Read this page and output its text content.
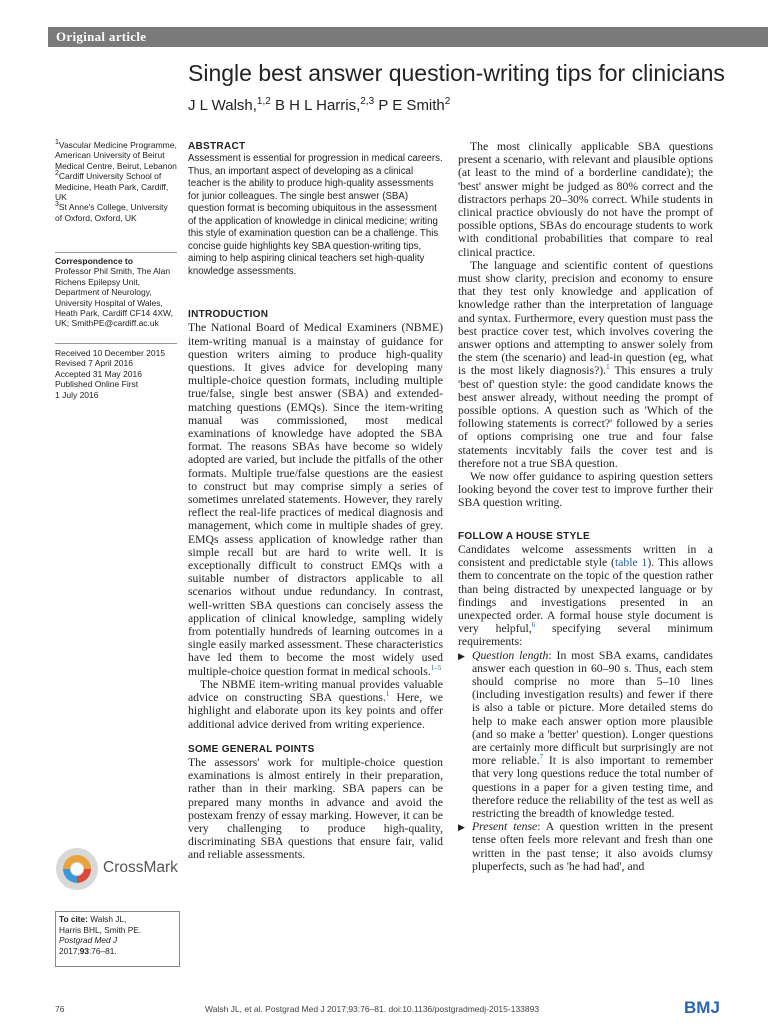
Original article
Single best answer question-writing tips for clinicians
J L Walsh,$^{1,2}$ B H L Harris,$^{2,3}$ P E Smith$^2$

$^1$Vascular Medicine Programme, American University of Beirut Medical Centre, Beirut, Lebanon

$^2$Cardiff University School of Medicine, Heath Park, Cardiff, UK

$^3$St Anne's College, University of Oxford, Oxford, UK

Correspondence to

Professor Phil Smith, The Alan Richens Epilepsy Unit, Department of Neurology, University Hospital of Wales, Heath Park, Cardiff CF14 4XW, UK; SmithPE@cardiff.ac.uk

Received 10 December 2015

Revised 7 April 2016

Accepted 31 May 2016

Published Online First

1 July 2016

CrossMark

To cite: Walsh JL,

Harris BHL, Smith PE.

Postgrad Med J

2017;93:76–81.

ABSTRACT

Assessment is essential for progression in medical careers. Thus, an important aspect of developing as a clinical teacher is the ability to produce high-quality assessments for junior colleagues. The single best answer (SBA) question format is becoming ubiquitous in the assessment of the application of knowledge in clinical medicine; writing this style of examination question can be a challenge. This concise guide highlights key SBA question-writing tips, aiming to help aspiring clinical teachers set high-quality knowledge assessments.

INTRODUCTION

The National Board of Medical Examiners (NBME) item-writing manual is a mainstay of guidance for question writers aiming to produce high-quality questions. It gives advice for developing many multiple-choice question formats, including multiple true/false, single best answer (SBA) and extended-matching questions (EMQs). Since the item-writing manual was commissioned, most medical examinations of knowledge have adopted the SBA format. The reasons SBAs have become so widely adopted are varied, but include the pitfalls of the other formats. Multiple true/false questions are the easiest to construct but may comprise simply a series of sometimes unrelated statements. However, they rarely reflect the real-life practices of medical diagnosis and management, which come in multiple shades of grey. EMQs assess application of knowledge rather than simple recall but are hard to write well. It is exceptionally difficult to construct EMQs with a suitable number of distractors applicable to all scenarios without undue redundancy. In contrast, well-written SBA questions can concisely assess the application of clinical knowledge, sampling widely from potentially hundreds of learning outcomes in a single easily marked assessment. These characteristics have led them to become the most widely used multiple-choice question format in medical schools.$^{1-5}$

The NBME item-writing manual provides valuable advice on constructing SBA questions.$^1$ Here, we highlight and elaborate upon its key points and offer additional advice derived from writing experience.

SOME GENERAL POINTS

The assessors' work for multiple-choice question examinations is almost entirely in their preparation, rather than in their marking. SBA papers can be prepared many months in advance and avoid the postexam frenzy of essay marking. However, it can be very challenging to produce high-quality, discriminating SBA questions that ensure fair, valid and reliable assessments.

The most clinically applicable SBA questions present a scenario, with relevant and plausible options (at least to the mind of a borderline candidate); the 'best' answer might be judged as 80% correct and the distractors perhaps 20–30% correct. While students in clinical practice obviously do not have the prompt of possible options, SBAs do encourage students to work with conditional probabilities that compare to real clinical practice.

The language and scientific content of questions must show clarity, precision and economy to ensure that they test only knowledge and application of knowledge rather than the interpretation of language and syntax. Furthermore, every question must pass the best practice cover test, which involves covering the answer options and attempting to answer solely from the stem (the scenario) and lead-in question (eg, what is the most likely diagnosis?).$^1$ This ensures a truly 'best of' question style: the good candidate knows the best answer already, without needing the prompt of possible options. A question such as 'Which of the following statements is correct?' followed by a series of options comprising one true and four false statements incvitably fails the cover test and is therefore not a true SBA question.

We now offer guidance to aspiring question setters looking beyond the cover test to improve further their SBA question writing.

FOLLOW A HOUSE STYLE

Candidates welcome assessments written in a consistent and predictable style (table 1). This allows them to concentrate on the topic of the question rather than being distracted by unexpected language or by findings and investigations presented in an unexpected order. A formal house style document is very helpful,$^6$ specifying several minimum requirements:

▶ Question length: In most SBA exams, candidates answer each question in 60–90 s. Thus, each stem should comprise no more than 5–10 lines (including investigation results) and fewer if there is also a table or picture. More detailed stems do help to make each answer option more plausible (and so make a 'better' question). Longer questions are certainly more difficult but surprisingly are not more reliable.$^7$ It is also important to remember that very long questions reduce the total number of questions in a paper for a given testing time, and therefore reduce the reliability of the test as well as restricting the breadth of knowledge tested.
▶ Present tense: A question written in the present tense often feels more relevant and fresh than one written in the past tense; it also avoids clumsy pluperfects, such as 'he had had', and
76	Walsh JL, et al. Postgrad Med J 2017;93:76–81. doi:10.1136/postgradmedj-2015-133893	BMJ
